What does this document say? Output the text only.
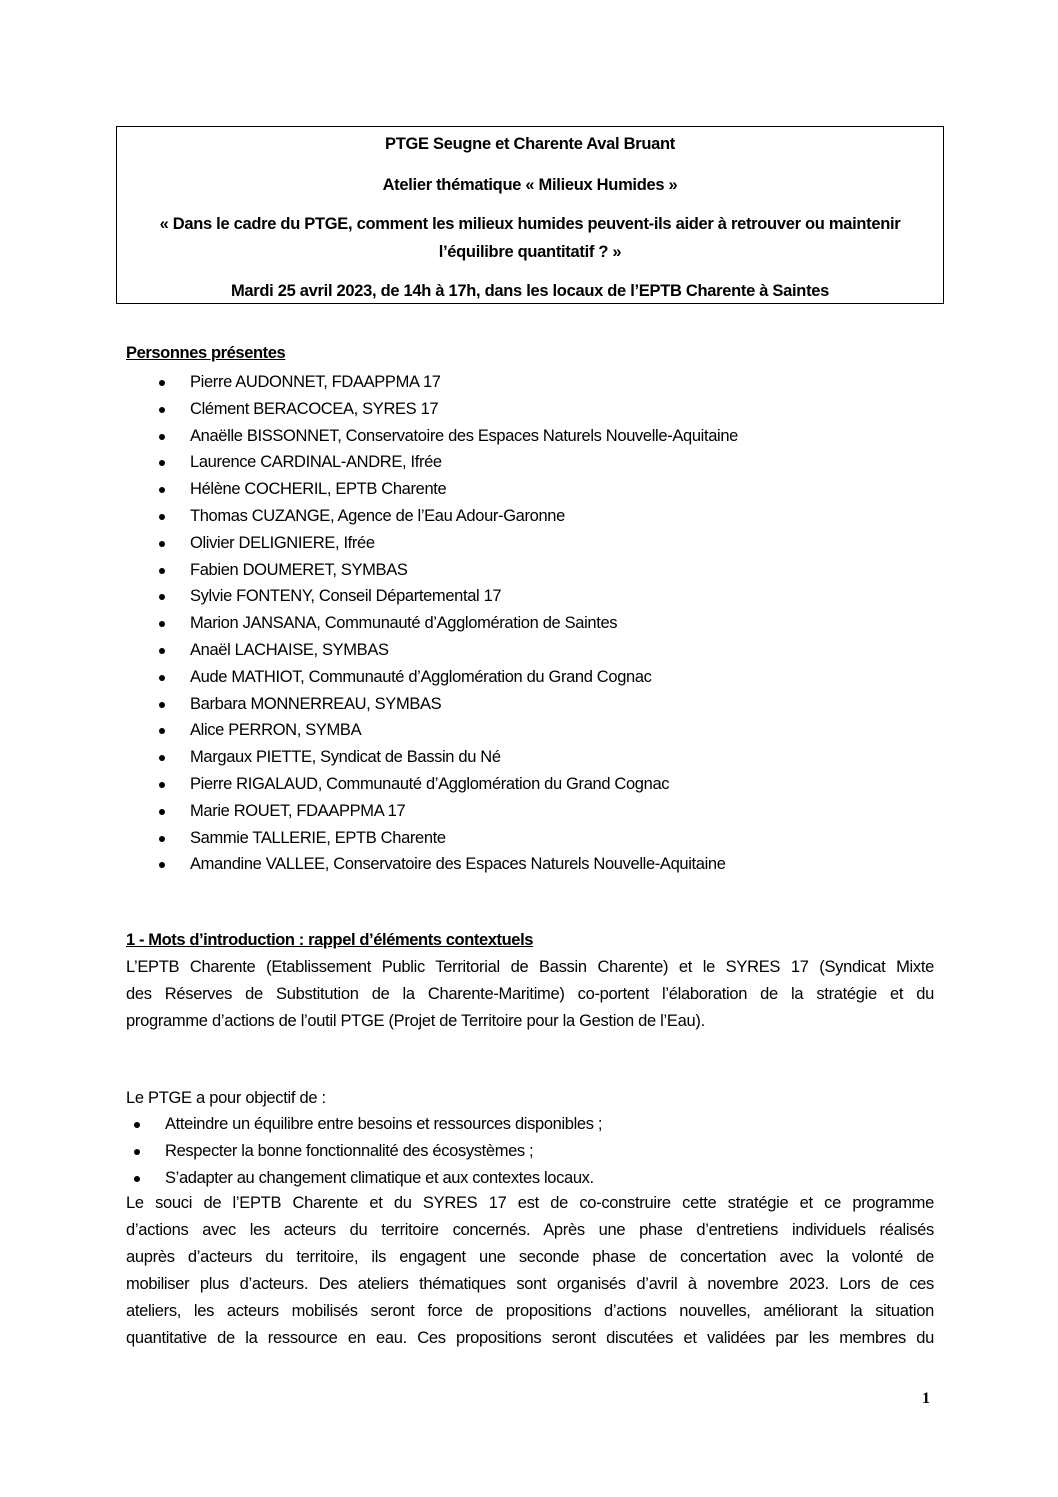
PTGE Seugne et Charente Aval Bruant
Atelier thématique « Milieux Humides »
« Dans le cadre du PTGE, comment les milieux humides peuvent-ils aider à retrouver ou maintenir
l’équilibre quantitatif ? »
Mardi 25 avril 2023, de 14h à 17h, dans les locaux de l’EPTB Charente à Saintes
Personnes présentes
Pierre AUDONNET, FDAAPPMA 17
Clément BERACOCEA, SYRES 17
Anaëlle BISSONNET, Conservatoire des Espaces Naturels Nouvelle-Aquitaine
Laurence CARDINAL-ANDRE, Ifrée
Hélène COCHERIL, EPTB Charente
Thomas CUZANGE, Agence de l’Eau Adour-Garonne
Olivier DELIGNIERE, Ifrée
Fabien DOUMERET, SYMBAS
Sylvie FONTENY, Conseil Départemental 17
Marion JANSANA, Communauté d’Agglomération de Saintes
Anaël LACHAISE, SYMBAS
Aude MATHIOT, Communauté d’Agglomération du Grand Cognac
Barbara MONNERREAU, SYMBAS
Alice PERRON, SYMBA
Margaux PIETTE, Syndicat de Bassin du Né
Pierre RIGALAUD, Communauté d’Agglomération du Grand Cognac
Marie ROUET, FDAAPPMA 17
Sammie TALLERIE, EPTB Charente
Amandine VALLEE, Conservatoire des Espaces Naturels Nouvelle-Aquitaine
1 - Mots d’introduction : rappel d’éléments contextuels
L’EPTB Charente (Etablissement Public Territorial de Bassin Charente) et le SYRES 17 (Syndicat Mixte
des Réserves de Substitution de la Charente-Maritime) co-portent l’élaboration de la stratégie et du
programme d’actions de l’outil PTGE (Projet de Territoire pour la Gestion de l’Eau).
Le PTGE a pour objectif de :
Atteindre un équilibre entre besoins et ressources disponibles ;
Respecter la bonne fonctionnalité des écosystèmes ;
S’adapter au changement climatique et aux contextes locaux.
Le souci de l’EPTB Charente et du SYRES 17 est de co-construire cette stratégie et ce programme
d’actions avec les acteurs du territoire concernés. Après une phase d’entretiens individuels réalisés
auprès d’acteurs du territoire, ils engagent une seconde phase de concertation avec la volonté de
mobiliser plus d’acteurs. Des ateliers thématiques sont organisés d’avril à novembre 2023. Lors de ces
ateliers, les acteurs mobilisés seront force de propositions d’actions nouvelles, améliorant la situation
quantitative de la ressource en eau. Ces propositions seront discutées et validées par les membres du
1
